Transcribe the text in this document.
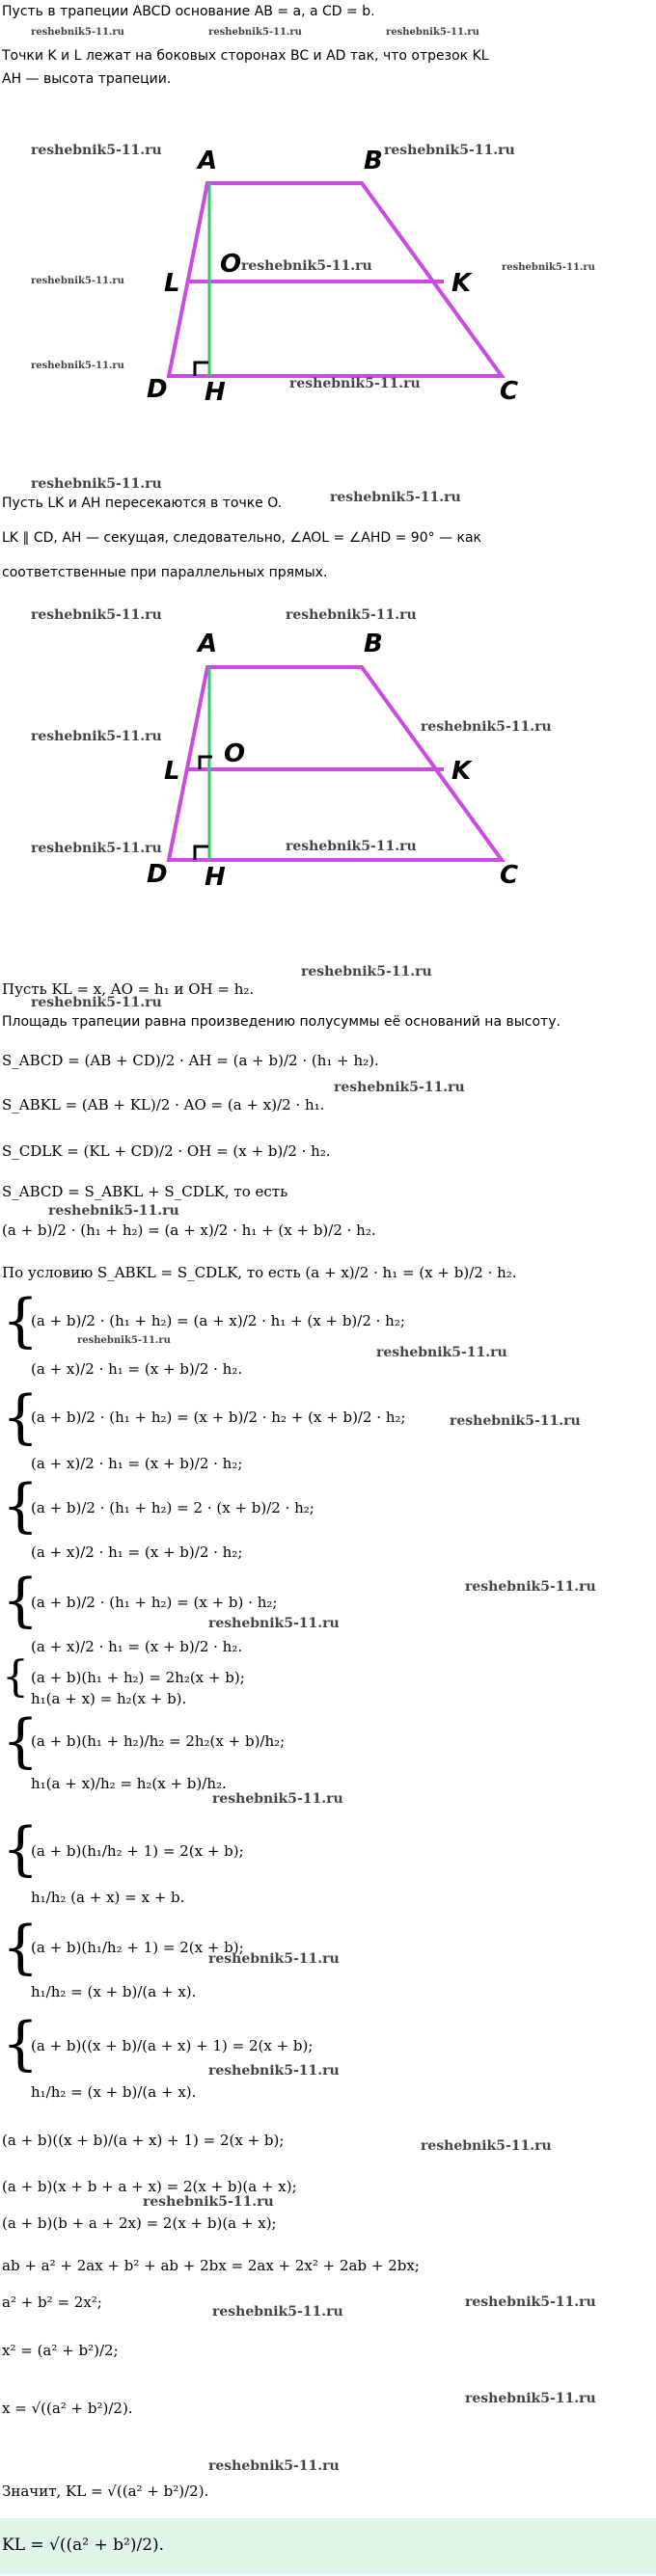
Пусть в трапеции ABCD основание AB = a, а CD = b.
reshebnik5-11.ru	reshebnik5-11.ru	reshebnik5-11.ru
Точки K и L лежат на боковых сторонах BC и AD так, что отрезок KL
AH — высота трапеции.
A	B
L
O
K
D H	C
reshebnik5-11.ru	reshebnik5-11.ru
reshebnik5-11.ru
reshebnik5-11.ru
reshebnik5-11.ru
reshebnik5-11.ru
reshebnik5-11.ru
reshebnik5-11.ru
Пусть LK и AH пересекаются в точке O.	reshebnik5-11.ru
LK ∥ CD, AH — секущая, следовательно, ∠AOL = ∠AHD = 90° — как
соответственные при параллельных прямых.
A	B
L
O
K
D H	C
reshebnik5-11.ru	reshebnik5-11.ru
reshebnik5-11.ru
reshebnik5-11.ru
reshebnik5-11.ru	reshebnik5-11.ru
reshebnik5-11.ru
Пусть KL = x, AO = h₁ и OH = h₂.
reshebnik5-11.ru
Площадь трапеции равна произведению полусуммы её оснований на высоту.
S_ABCD = (AB + CD)/2 · AH = (a + b)/2 · (h₁ + h₂).
S_ABKL = (AB + KL)/2 · AO = (a + x)/2 · h₁.
reshebnik5-11.ru
S_CDLK = (KL + CD)/2 · OH = (x + b)/2 · h₂.
S_ABCD = S_ABKL + S_CDLK, то есть
reshebnik5-11.ru
(a + b)/2 · (h₁ + h₂) = (a + x)/2 · h₁ + (x + b)/2 · h₂.
По условию S_ABKL = S_CDLK, то есть (a + x)/2 · h₁ = (x + b)/2 · h₂.
{
(a + b)/2 · (h₁ + h₂) = (a + x)/2 · h₁ + (x + b)/2 · h₂;
reshebnik5-11.ru
(a + x)/2 · h₁ = (x + b)/2 · h₂.
reshebnik5-11.ru
{
(a + b)/2 · (h₁ + h₂) = (x + b)/2 · h₂ + (x + b)/2 · h₂;
(a + x)/2 · h₁ = (x + b)/2 · h₂;
reshebnik5-11.ru
{
(a + b)/2 · (h₁ + h₂) = 2 · (x + b)/2 · h₂;
(a + x)/2 · h₁ = (x + b)/2 · h₂;
{
(a + b)/2 · (h₁ + h₂) = (x + b) · h₂;
reshebnik5-11.ru
(a + x)/2 · h₁ = (x + b)/2 · h₂.
reshebnik5-11.ru
{ (a + b)(h₁ + h₂) = 2h₂(x + b);
h₁(a + x) = h₂(x + b).
{
(a + b)(h₁ + h₂)/h₂ = 2h₂(x + b)/h₂;
h₁(a + x)/h₂ = h₂(x + b)/h₂.
reshebnik5-11.ru
{
(a + b)(h₁/h₂ + 1) = 2(x + b);
h₁/h₂ (a + x) = x + b.
{
(a + b)(h₁/h₂ + 1) = 2(x + b);
reshebnik5-11.ru
h₁/h₂ = (x + b)/(a + x).
{
(a + b)((x + b)/(a + x) + 1) = 2(x + b);
h₁/h₂ = (x + b)/(a + x).
reshebnik5-11.ru
(a + b)((x + b)/(a + x) + 1) = 2(x + b);	reshebnik5-11.ru
(a + b)(x + b + a + x) = 2(x + b)(a + x);
reshebnik5-11.ru
(a + b)(b + a + 2x) = 2(x + b)(a + x);
ab + a² + 2ax + b² + ab + 2bx = 2ax + 2x² + 2ab + 2bx;
a² + b² = 2x²;
reshebnik5-11.ru
reshebnik5-11.ru
x² = (a² + b²)/2;
x = √((a² + b²)/2).
reshebnik5-11.ru
reshebnik5-11.ru
Значит, KL = √((a² + b²)/2).
KL = √((a² + b²)/2).
